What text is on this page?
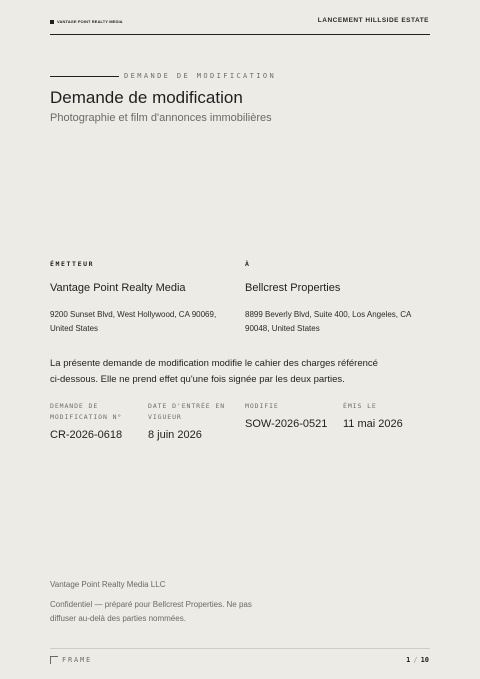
VANTAGE POINT REALTY MEDIA	LANCEMENT HILLSIDE ESTATE
DEMANDE DE MODIFICATION
Demande de modification
Photographie et film d'annonces immobilières
ÉMETTEUR
Vantage Point Realty Media
9200 Sunset Blvd, West Hollywood, CA 90069, United States
À
Bellcrest Properties
8899 Beverly Blvd, Suite 400, Los Angeles, CA 90048, United States
La présente demande de modification modifie le cahier des charges référencé ci-dessous. Elle ne prend effet qu'une fois signée par les deux parties.
DEMANDE DE MODIFICATION N°
CR-2026-0618
DATE D'ENTRÉE EN VIGUEUR
8 juin 2026
MODIFIE
SOW-2026-0521
ÉMIS LE
11 mai 2026
Vantage Point Realty Media LLC
Confidentiel — préparé pour Bellcrest Properties. Ne pas diffuser au-delà des parties nommées.
FRAME	1 / 10
